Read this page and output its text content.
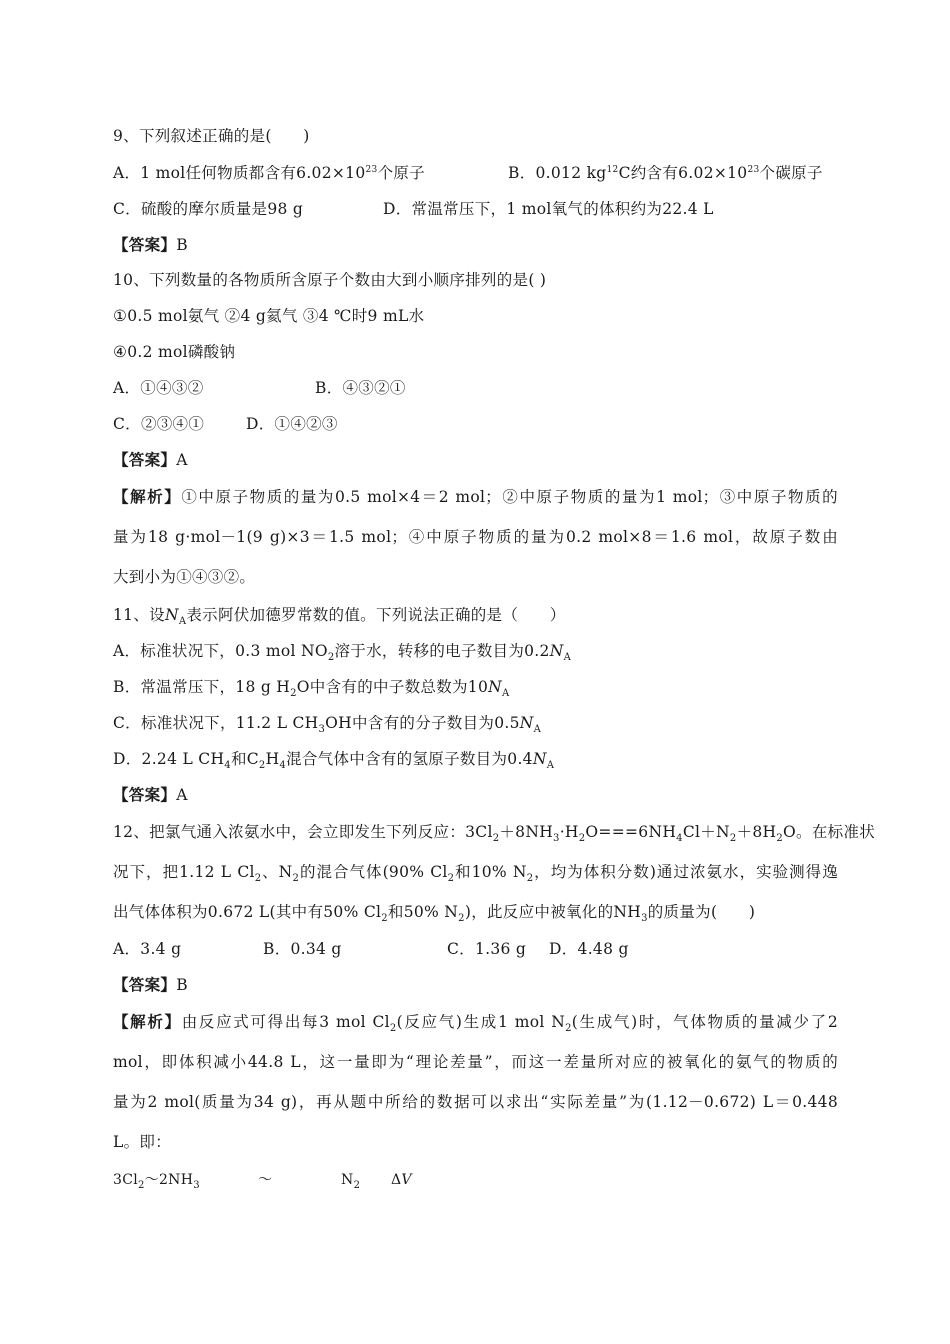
9、下列叙述正确的是(　　)
A．1 mol任何物质都含有$6.02\times 10^{23}$个原子	B．0.012 $kg^{12}C$约含有$6.02\times 10^{23}$个碳原子
C．硫酸的摩尔质量是98 g	D．常温常压下，1 mol氧气的体积约为22.4 L
【答案】B
10、下列数量的各物质所含原子个数由大到小顺序排列的是( )
①0.5 mol氨气 ②4 g氦气 ③4 ℃时9 mL水
④0.2 mol磷酸钠
A．①④③②	B．④③②①
C．②③④①	D．①④②③
【答案】A
【解析】①中原子物质的量为0.5 mol×4＝2 mol；②中原子物质的量为1 mol；③中原子物质的
量为18 g·mol－1(9 g)×3＝1.5 mol；④中原子物质的量为0.2 mol×8＝1.6 mol，故原子数由
大到小为①④③②。
11、设$N_A$表示阿伏加德罗常数的值。下列说法正确的是（　　）
A．标准状况下，0.3 mol $NO_2$溶于水，转移的电子数目为$0.2N_A$
B．常温常压下，18 g $H_2O$中含有的中子数总数为$10N_A$
C．标准状况下，11.2 L $CH_3OH$中含有的分子数目为$0.5N_A$
D．2.24 L $CH_4$和$C_2H_4$混合气体中含有的氢原子数目为$0.4N_A$
【答案】A
12、把氯气通入浓氨水中，会立即发生下列反应：$3Cl_2+8NH_3\cdot H_2O===6NH_4Cl+N_2+8H_2O$。在标准状
况下，把1.12 L $Cl_2$、$N_2$的混合气体(90% $Cl_2$和10% $N_2$，均为体积分数)通过浓氨水，实验测得逸
出气体体积为0.672 L(其中有50% $Cl_2$和50% $N_2$)，此反应中被氧化的$NH_3$的质量为(　　)
A．3.4 g	B．0.34 g	C．1.36 g D．4.48 g
【答案】B
【解析】由反应式可得出每3 mol $Cl_2$(反应气)生成1 mol $N_2$(生成气)时，气体物质的量减少了2
mol，即体积减小44.8 L，这一量即为“理论差量”，而这一差量所对应的被氧化的氨气的物质的
量为2 mol(质量为34 g)，再从题中所给的数据可以求出“实际差量”为(1.12－0.672) L＝0.448
L。即：
$3Cl_2\sim 2NH_3$	～	$N_2$ ΔV
